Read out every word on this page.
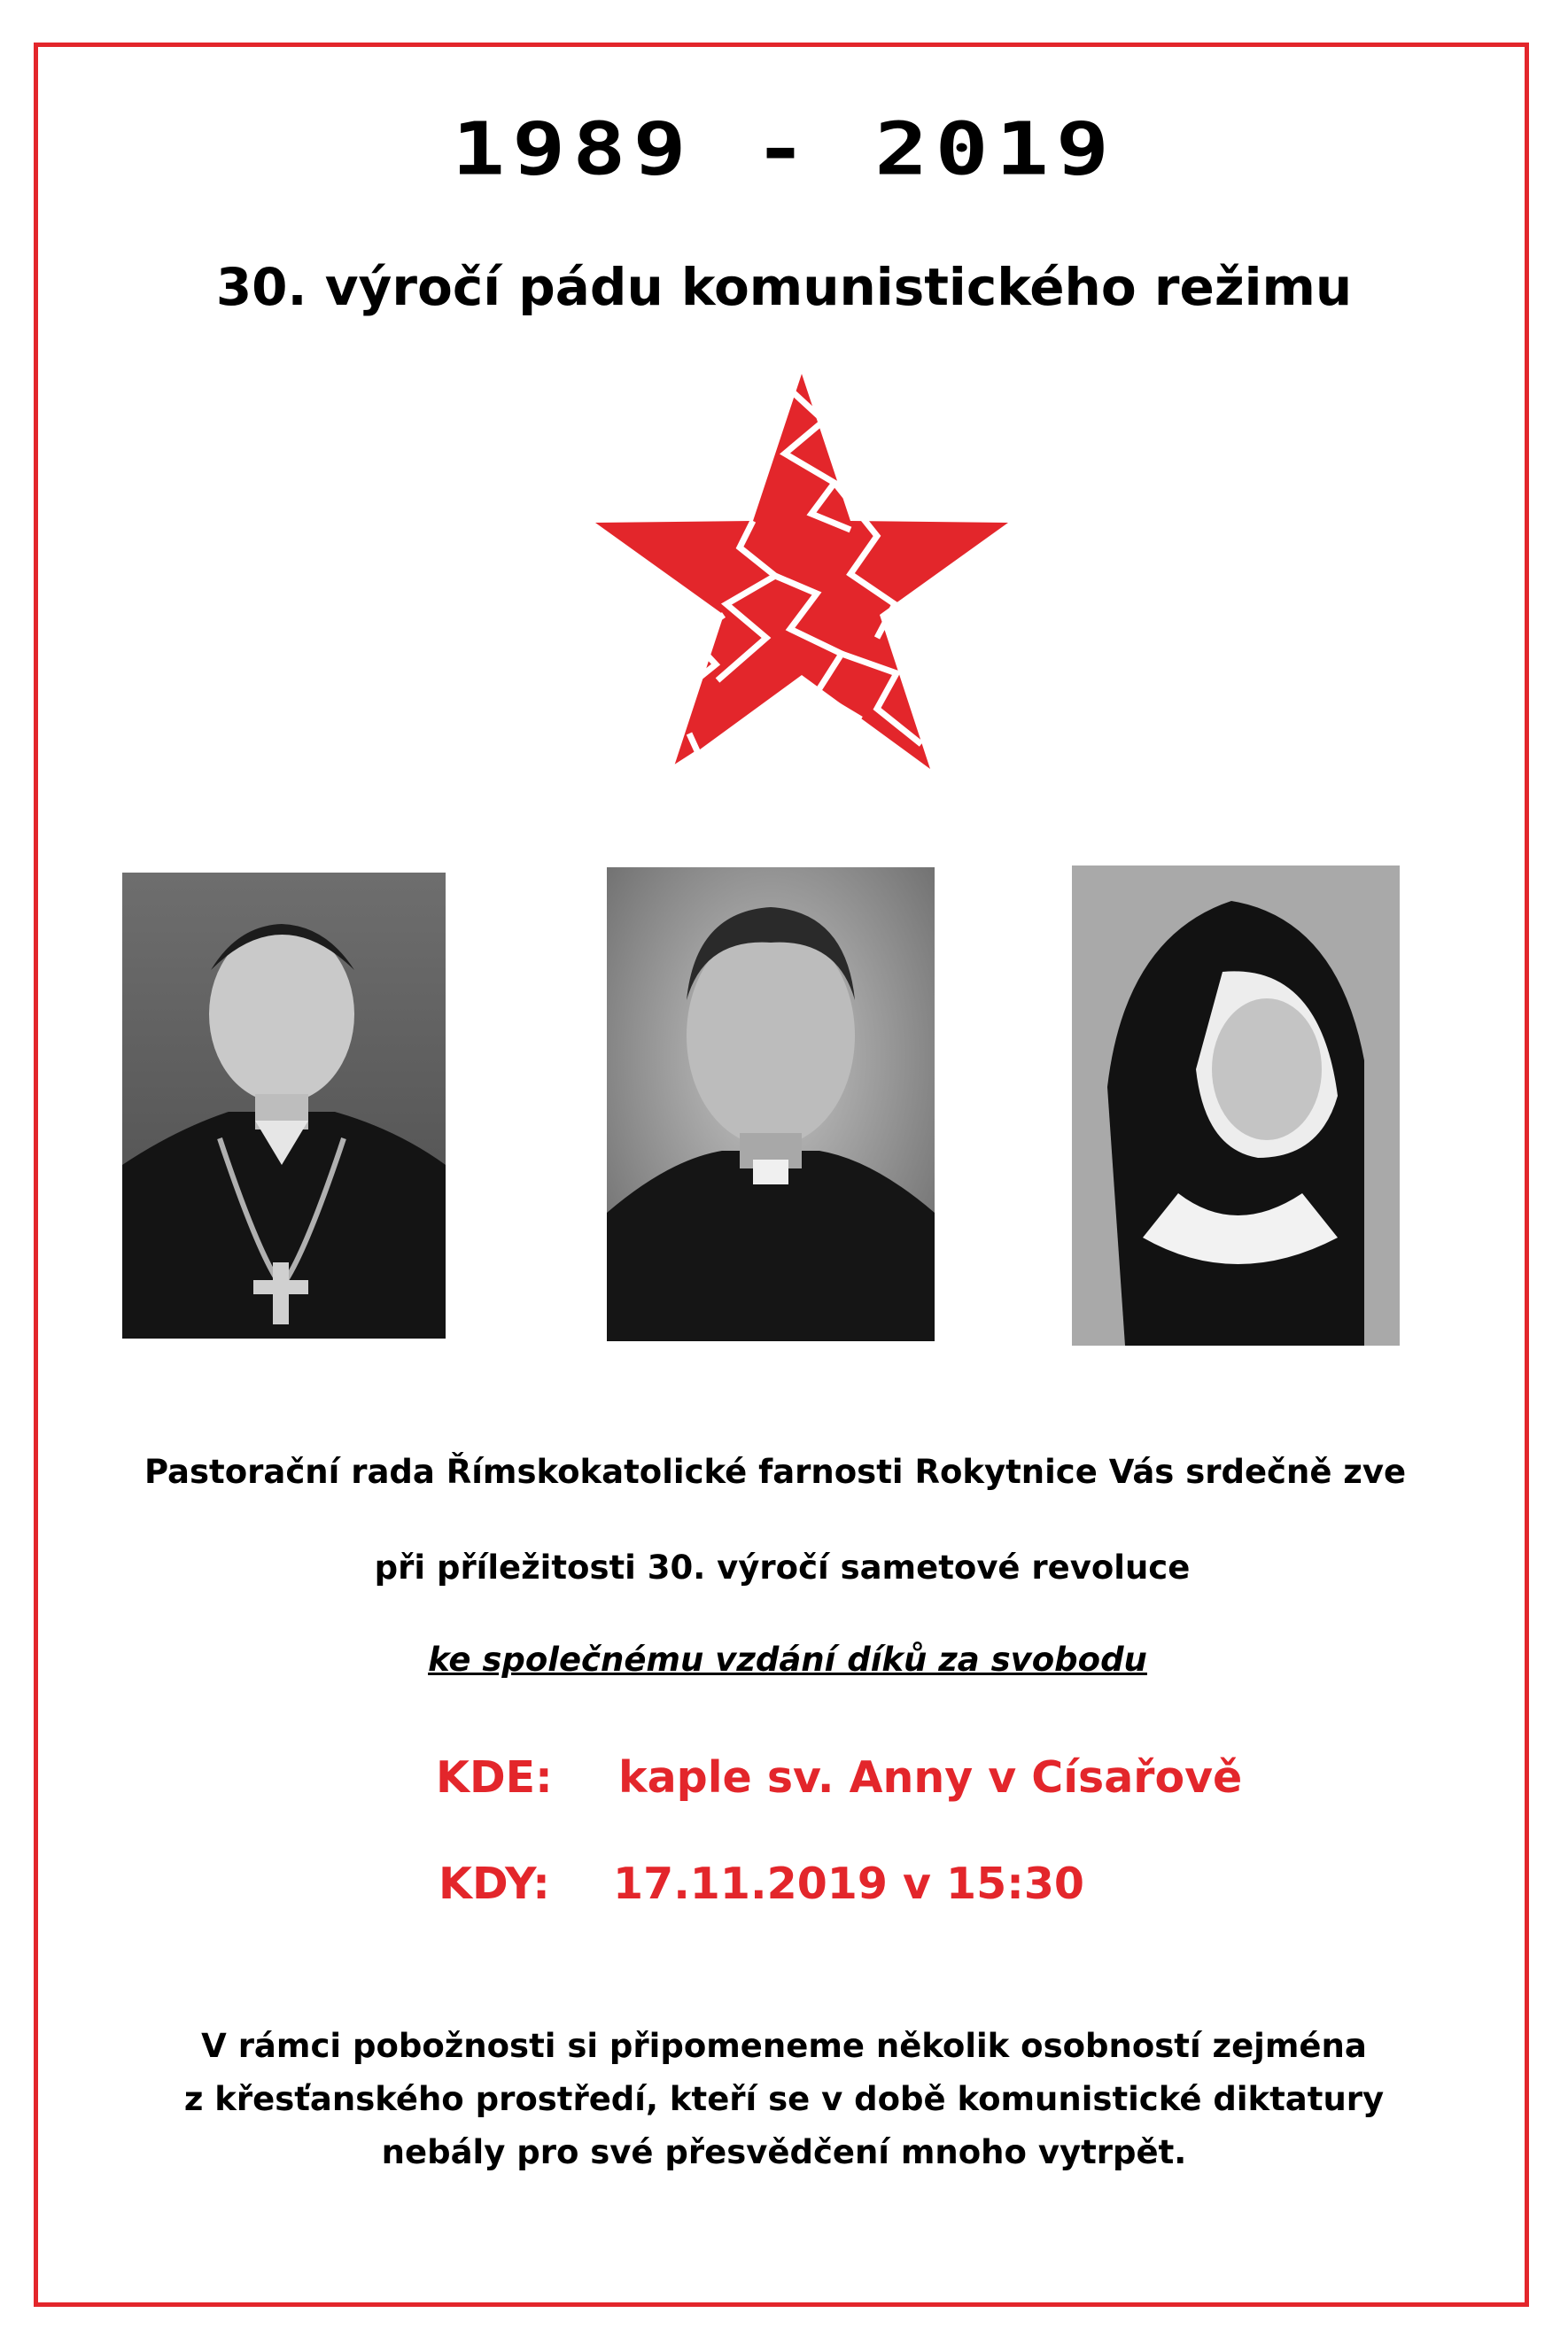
1989 - 2019
30. výročí pádu komunistického režimu
Pastorační rada Římskokatolické farnosti Rokytnice Vás srdečně zve
při příležitosti 30. výročí sametové revoluce
ke společnému vzdání díků za svobodu
KDE: kaple sv. Anny v Císařově
KDY: 17.11.2019 v 15:30
V rámci pobožnosti si připomeneme několik osobností zejména
z křesťanského prostředí, kteří se v době komunistické diktatury
nebály pro své přesvědčení mnoho vytrpět.
